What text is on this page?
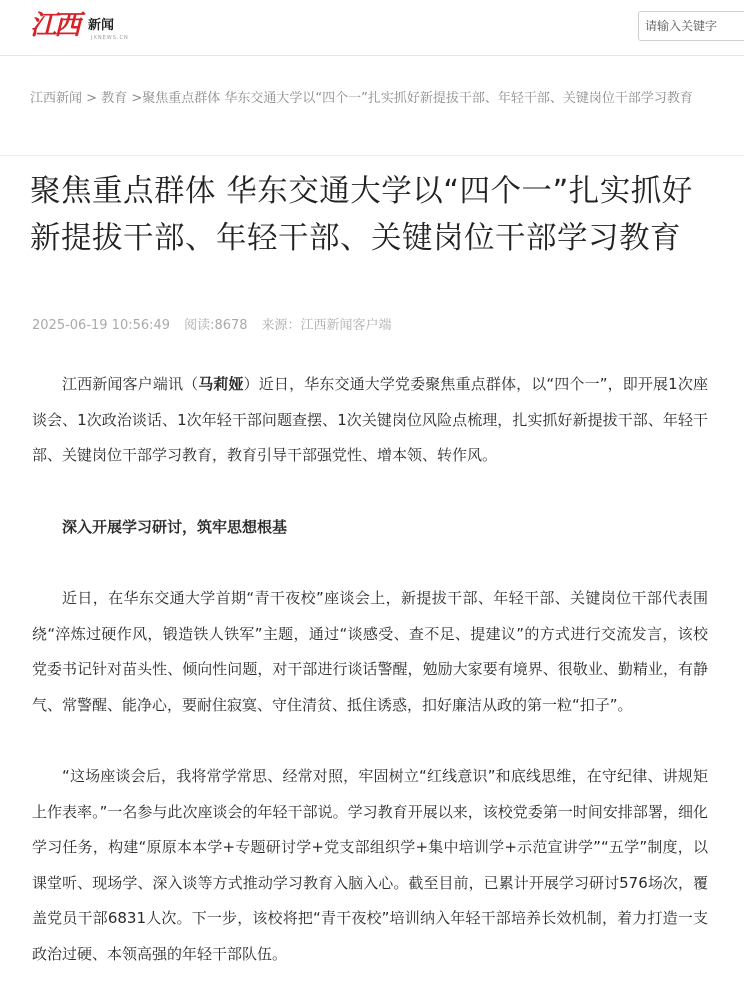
江西 新闻
JXNEWS.CN
请输入关键字
江西新闻 > 教育 >聚焦重点群体 华东交通大学以“四个一”扎实抓好新提拔干部、年轻干部、关键岗位干部学习教育
聚焦重点群体 华东交通大学以“四个一”扎实抓好新提拔干部、年轻干部、关键岗位干部学习教育
2025-06-19 10:56:49 阅读:8678 来源：江西新闻客户端

江西新闻客户端讯（马莉娅）近日，华东交通大学党委聚焦重点群体，以“四个一”，即开展1次座谈会、1次政治谈话、1次年轻干部问题查摆、1次关键岗位风险点梳理，扎实抓好新提拔干部、年轻干部、关键岗位干部学习教育，教育引导干部强党性、增本领、转作风。

深入开展学习研讨，筑牢思想根基

近日，在华东交通大学首期“青干夜校”座谈会上，新提拔干部、年轻干部、关键岗位干部代表围绕“淬炼过硬作风，锻造铁人铁军”主题，通过“谈感受、查不足、提建议”的方式进行交流发言，该校党委书记针对苗头性、倾向性问题，对干部进行谈话警醒，勉励大家要有境界、很敬业、勤精业，有静气、常警醒、能净心，要耐住寂寞、守住清贫、抵住诱惑，扣好廉洁从政的第一粒“扣子”。

“这场座谈会后，我将常学常思、经常对照，牢固树立“红线意识”和底线思维，在守纪律、讲规矩上作表率。”一名参与此次座谈会的年轻干部说。学习教育开展以来，该校党委第一时间安排部署，细化学习任务，构建“原原本本学+专题研讨学+党支部组织学+集中培训学+示范宣讲学”“五学”制度，以课堂听、现场学、深入谈等方式推动学习教育入脑入心。截至目前，已累计开展学习研讨576场次，覆盖党员干部6831人次。下一步，该校将把“青干夜校”培训纳入年轻干部培养长效机制，着力打造一支政治过硬、本领高强的年轻干部队伍。
